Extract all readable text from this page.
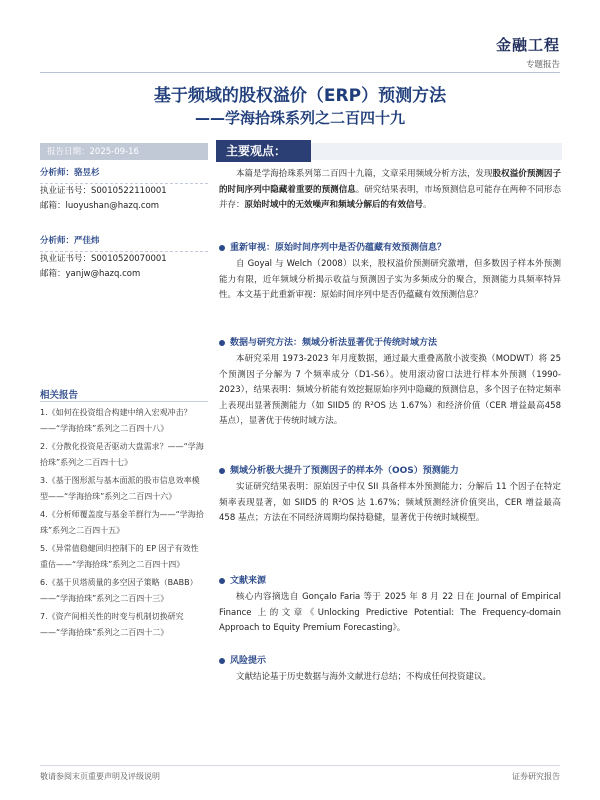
金融工程
专题报告
基于频域的股权溢价（ERP）预测方法
——学海拾珠系列之二百四十九
报告日期：2025-09-16	主要观点：
分析师：骆昱杉
执业证书号：S0010522110001
邮箱：luoyushan@hazq.com
分析师：严佳炜
执业证书号：S0010520070001
邮箱：yanjw@hazq.com
相关报告
1.《如何在投资组合构建中纳入宏观冲击？——“学海拾珠”系列之二百四十八》
2.《分散化投资是否驱动大盘需求？——“学海拾珠”系列之二百四十七》
3.《基于图形派与基本面派的股市信息效率模型——“学海拾珠”系列之二百四十六》
4.《分析师覆盖度与基金羊群行为——“学海拾珠”系列之二百四十五》
5.《异常值稳健回归控制下的 EP 因子有效性重估——“学海拾珠”系列之二百四十四》
6.《基于贝塔质量的多空因子策略（BABB）——“学海拾珠”系列之二百四十三》
7.《资产间相关性的时变与机制切换研究——“学海拾珠”系列之二百四十二》

本篇是学海拾珠系列第二百四十九篇，文章采用频域分析方法，发现股权溢价预测因子的时间序列中隐藏着重要的预测信息。研究结果表明，市场预测信息可能存在两种不同形态并存：原始时域中的无效噪声和频域分解后的有效信号。

重新审视：原始时间序列中是否仍蕴藏有效预测信息？

自 Goyal 与 Welch（2008）以来，股权溢价预测研究激增，但多数因子样本外预测能力有限，近年频域分析揭示收益与预测因子实为多频成分的聚合，预测能力具频率特异性。本文基于此重新审视：原始时间序列中是否仍蕴藏有效预测信息？

数据与研究方法：频域分析法显著优于传统时域方法

本研究采用 1973-2023 年月度数据，通过最大重叠离散小波变换（MODWT）将 25 个预测因子分解为 7 个频率成分（D1-S6）。使用滚动窗口法进行样本外预测（1990-2023），结果表明：频域分析能有效挖掘原始序列中隐藏的预测信息，多个因子在特定频率上表现出显著预测能力（如 SIID5 的 R²OS 达 1.67%）和经济价值（CER 增益最高458 基点），显著优于传统时域方法。

频域分析极大提升了预测因子的样本外（OOS）预测能力

实证研究结果表明：原始因子中仅 SII 具备样本外预测能力；分解后 11 个因子在特定频率表现显著，如 SIID5 的 R²OS 达 1.67%；频域预测经济价值突出，CER 增益最高 458 基点；方法在不同经济周期均保持稳健，显著优于传统时域模型。

文献来源

核心内容摘选自 Gonçalo Faria 等于 2025 年 8 月 22 日在 Journal of Empirical Finance 上的文章《Unlocking Predictive Potential: The Frequency-domain Approach to Equity Premium Forecasting》。

风险提示

文献结论基于历史数据与海外文献进行总结；不构成任何投资建议。

敬请参阅末页重要声明及评级说明	证券研究报告
